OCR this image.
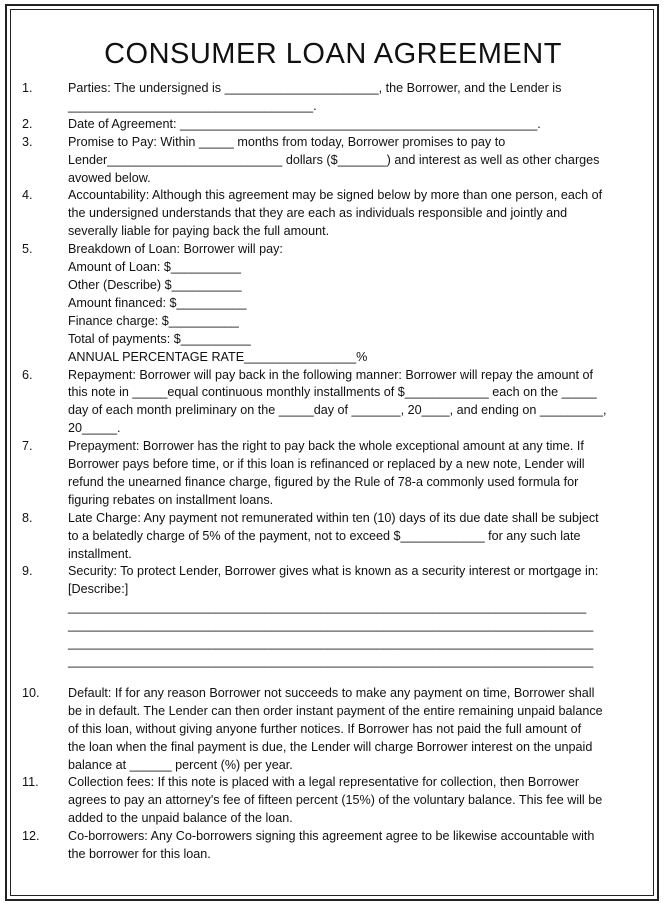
CONSUMER LOAN AGREEMENT
1.	Parties: The undersigned is ______________________, the Borrower, and the Lender is
___________________________________.
2.	Date of Agreement: ___________________________________________________.
3.	Promise to Pay: Within _____ months from today, Borrower promises to pay to
Lender_________________________ dollars ($_______) and interest as well as other charges
avowed below.
4.	Accountability: Although this agreement may be signed below by more than one person, each of
the undersigned understands that they are each as individuals responsible and jointly and
severally liable for paying back the full amount.
5.	Breakdown of Loan: Borrower will pay:
Amount of Loan: $__________
Other (Describe) $__________
Amount financed: $__________
Finance charge: $__________
Total of payments: $__________
ANNUAL PERCENTAGE RATE________________%
6.	Repayment: Borrower will pay back in the following manner: Borrower will repay the amount of
this note in _____equal continuous monthly installments of $____________ each on the _____
day of each month preliminary on the _____day of _______, 20____, and ending on _________,
20_____.
7.	Prepayment: Borrower has the right to pay back the whole exceptional amount at any time. If
Borrower pays before time, or if this loan is refinanced or replaced by a new note, Lender will
refund the unearned finance charge, figured by the Rule of 78-a commonly used formula for
figuring rebates on installment loans.
8.	Late Charge: Any payment not remunerated within ten (10) days of its due date shall be subject
to a belatedly charge of 5% of the payment, not to exceed $____________ for any such late
installment.
9.	Security: To protect Lender, Borrower gives what is known as a security interest or mortgage in:
[Describe:]
__________________________________________________________________________
___________________________________________________________________________
___________________________________________________________________________
___________________________________________________________________________
10.	Default: If for any reason Borrower not succeeds to make any payment on time, Borrower shall
be in default. The Lender can then order instant payment of the entire remaining unpaid balance
of this loan, without giving anyone further notices. If Borrower has not paid the full amount of
the loan when the final payment is due, the Lender will charge Borrower interest on the unpaid
balance at ______ percent (%) per year.
11.	Collection fees: If this note is placed with a legal representative for collection, then Borrower
agrees to pay an attorney's fee of fifteen percent (15%) of the voluntary balance. This fee will be
added to the unpaid balance of the loan.
12.	Co-borrowers: Any Co-borrowers signing this agreement agree to be likewise accountable with
the borrower for this loan.
